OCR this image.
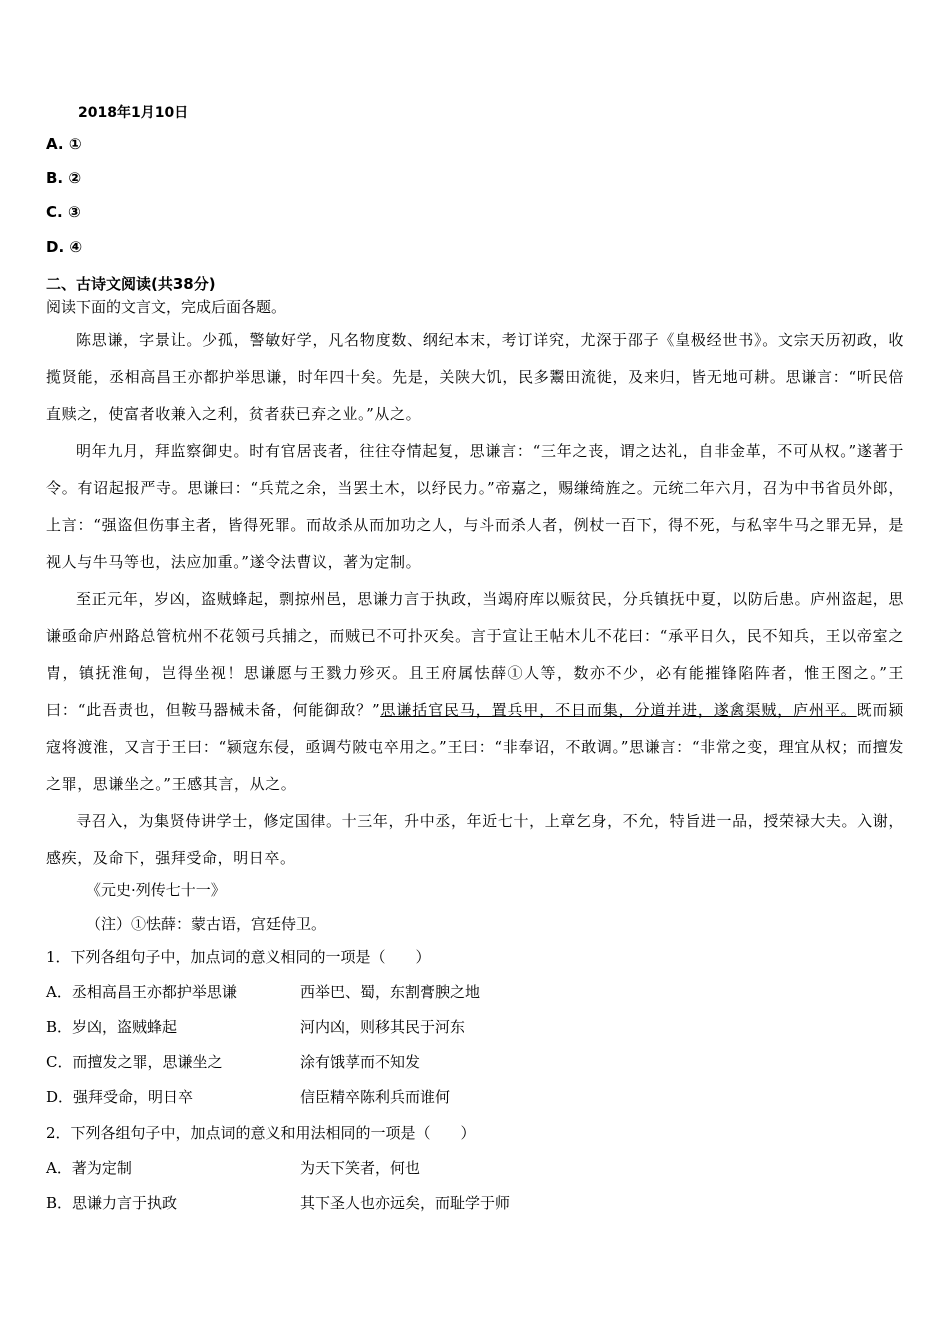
2018年1月10日
A. ①
B. ②
C. ③
D. ④
二、古诗文阅读(共38分)
阅读下面的文言文，完成后面各题。

陈思谦，字景让。少孤，警敏好学，凡名物度数、纲纪本末，考订详究，尤深于邵子《皇极经世书》。文宗天历初政，收揽贤能，丞相高昌王亦都护举思谦，时年四十矣。先是，关陕大饥，民多鬻田流徙，及来归，皆无地可耕。思谦言：“听民倍直赎之，使富者收兼入之利，贫者获已弃之业。”从之。

明年九月，拜监察御史。时有官居丧者，往往夺情起复，思谦言：“三年之丧，谓之达礼，自非金革，不可从权。”遂著于令。有诏起报严寺。思谦曰：“兵荒之余，当罢土木，以纾民力。”帝嘉之，赐缣绮旌之。元统二年六月，召为中书省员外郎，上言：“强盗但伤事主者，皆得死罪。而故杀从而加功之人，与斗而杀人者，例杖一百下，得不死，与私宰牛马之罪无异，是视人与牛马等也，法应加重。”遂令法曹议，著为定制。

至正元年，岁凶，盗贼蜂起，剽掠州邑，思谦力言于执政，当竭府库以赈贫民，分兵镇抚中夏，以防后患。庐州盗起，思谦亟命庐州路总管杭州不花领弓兵捕之，而贼已不可扑灭矣。言于宣让王帖木儿不花曰：“承平日久，民不知兵，王以帝室之胄，镇抚淮甸，岂得坐视！思谦愿与王戮力殄灭。且王府属怯薛①人等，数亦不少，必有能摧锋陷阵者，惟王图之。”王曰：“此吾责也，但鞍马器械未备，何能御敌？”思谦括官民马，置兵甲，不日而集，分道并进，遂禽渠贼，庐州平。既而颍寇将渡淮，又言于王曰：“颍寇东侵，亟调芍陂屯卒用之。”王曰：“非奉诏，不敢调。”思谦言：“非常之变，理宜从权；而擅发之罪，思谦坐之。”王感其言，从之。

寻召入，为集贤侍讲学士，修定国律。十三年，升中丞，年近七十，上章乞身，不允，特旨进一品，授荣禄大夫。入谢，感疾，及命下，强拜受命，明日卒。

《元史·列传七十一》
（注）①怯薛：蒙古语，宫廷侍卫。
1．下列各组句子中，加点词的意义相同的一项是（　　）
A．丞相高昌王亦都护举思谦	西举巴、蜀，东割膏腴之地
B．岁凶，盗贼蜂起	河内凶，则移其民于河东
C．而擅发之罪，思谦坐之	涂有饿莩而不知发
D．强拜受命，明日卒	信臣精卒陈利兵而谁何
2．下列各组句子中，加点词的意义和用法相同的一项是（　　）
A．著为定制	为天下笑者，何也
B．思谦力言于执政	其下圣人也亦远矣，而耻学于师
